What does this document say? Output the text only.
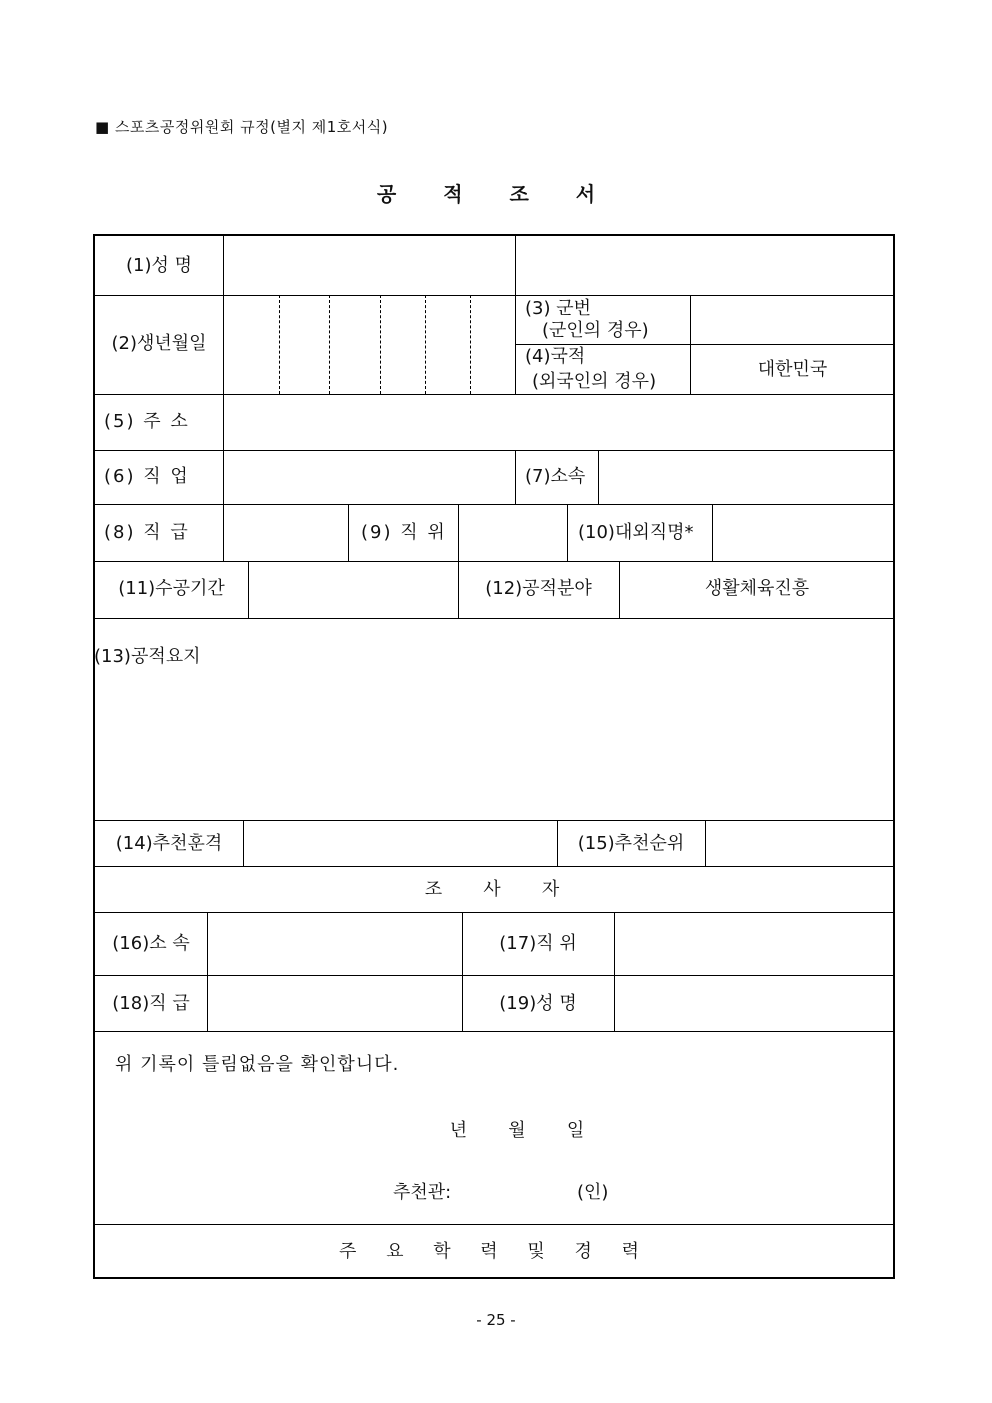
■ 스포츠공정위원회 규정(별지 제1호서식)
공 적 조 서
(1)성 명
(2)생년월일
(3) 군번
(군인의 경우)
(4)국적
(외국인의 경우)
대한민국
(5) 주 소
(6) 직 업	(7)소속
(8) 직 급	(9) 직 위	(10)대외직명*
(11)수공기간	(12)공적분야	생활체육진흥
(13)공적요지
(14)추천훈격	(15)추천순위
조   사   자
(16)소 속	(17)직 위
(18)직 급	(19)성 명
위 기록이 틀림없음을 확인합니다.
년   월   일
추천관:	(인)
주 요 학 력 및 경 력
- 25 -
